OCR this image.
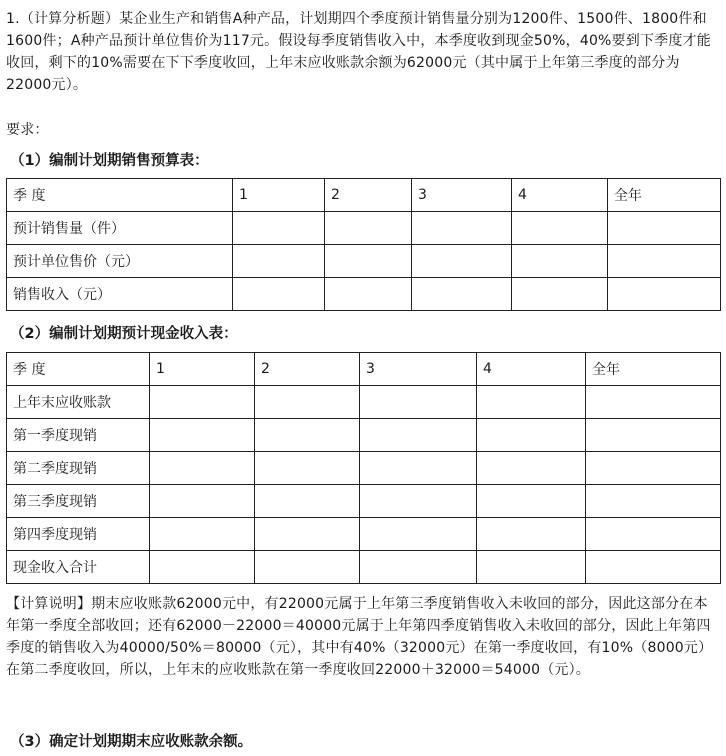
1.（计算分析题）某企业生产和销售A种产品，计划期四个季度预计销售量分别为1200件、1500件、1800件和1600件；A种产品预计单位售价为117元。假设每季度销售收入中，本季度收到现金50%，40%要到下季度才能收回，剩下的10%需要在下下季度收回，上年末应收账款余额为62000元（其中属于上年第三季度的部分为22000元）。

要求：

（1）编制计划期销售预算表：

季 度	1	2	3	4	全年
预计销售量（件）					
预计单位售价（元）					
销售收入（元）					

（2）编制计划期预计现金收入表：

季 度	1	2	3	4	全年
上年末应收账款					
第一季度现销					
第二季度现销					
第三季度现销					
第四季度现销					
现金收入合计					

【计算说明】期末应收账款62000元中，有22000元属于上年第三季度销售收入未收回的部分，因此这部分在本年第一季度全部收回；还有62000－22000＝40000元属于上年第四季度销售收入未收回的部分，因此上年第四季度的销售收入为40000/50%＝80000（元），其中有40%（32000元）在第一季度收回，有10%（8000元）在第二季度收回，所以，上年末的应收账款在第一季度收回22000＋32000＝54000（元）。

（3）确定计划期期末应收账款余额。
